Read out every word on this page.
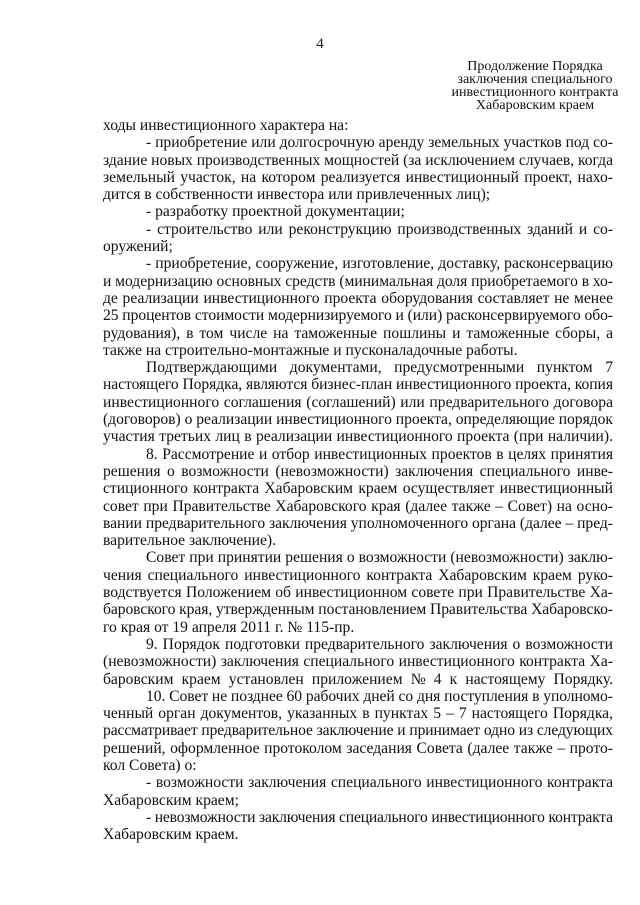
4
Продолжение Порядка
заключения специального
инвестиционного контракта
Хабаровским краем
ходы инвестиционного характера на:
- приобретение или долгосрочную аренду земельных участков под со-
здание новых производственных мощностей (за исключением случаев, когда
земельный участок, на котором реализуется инвестиционный проект, нахо-
дится в собственности инвестора или привлеченных лиц);
- разработку проектной документации;
- строительство или реконструкцию производственных зданий и со-
оружений;
- приобретение, сооружение, изготовление, доставку, расконсервацию
и модернизацию основных средств (минимальная доля приобретаемого в хо-
де реализации инвестиционного проекта оборудования составляет не менее
25 процентов стоимости модернизируемого и (или) расконсервируемого обо-
рудования), в том числе на таможенные пошлины и таможенные сборы, а
также на строительно-монтажные и пусконаладочные работы.
Подтверждающими документами, предусмотренными пунктом 7
настоящего Порядка, являются бизнес-план инвестиционного проекта, копия
инвестиционного соглашения (соглашений) или предварительного договора
(договоров) о реализации инвестиционного проекта, определяющие порядок
участия третьих лиц в реализации инвестиционного проекта (при наличии).
8. Рассмотрение и отбор инвестиционных проектов в целях принятия
решения о возможности (невозможности) заключения специального инве-
стиционного контракта Хабаровским краем осуществляет инвестиционный
совет при Правительстве Хабаровского края (далее также – Совет) на осно-
вании предварительного заключения уполномоченного органа (далее – пред-
варительное заключение).
Совет при принятии решения о возможности (невозможности) заклю-
чения специального инвестиционного контракта Хабаровским краем руко-
водствуется Положением об инвестиционном совете при Правительстве Ха-
баровского края, утвержденным постановлением Правительства Хабаровско-
го края от 19 апреля 2011 г. № 115-пр.
9. Порядок подготовки предварительного заключения о возможности
(невозможности) заключения специального инвестиционного контракта Ха-
баровским краем установлен приложением № 4 к настоящему Порядку.
10. Совет не позднее 60 рабочих дней со дня поступления в уполномо-
ченный орган документов, указанных в пунктах 5 – 7 настоящего Порядка,
рассматривает предварительное заключение и принимает одно из следующих
решений, оформленное протоколом заседания Совета (далее также – прото-
кол Совета) о:
- возможности заключения специального инвестиционного контракта
Хабаровским краем;
- невозможности заключения специального инвестиционного контракта
Хабаровским краем.
